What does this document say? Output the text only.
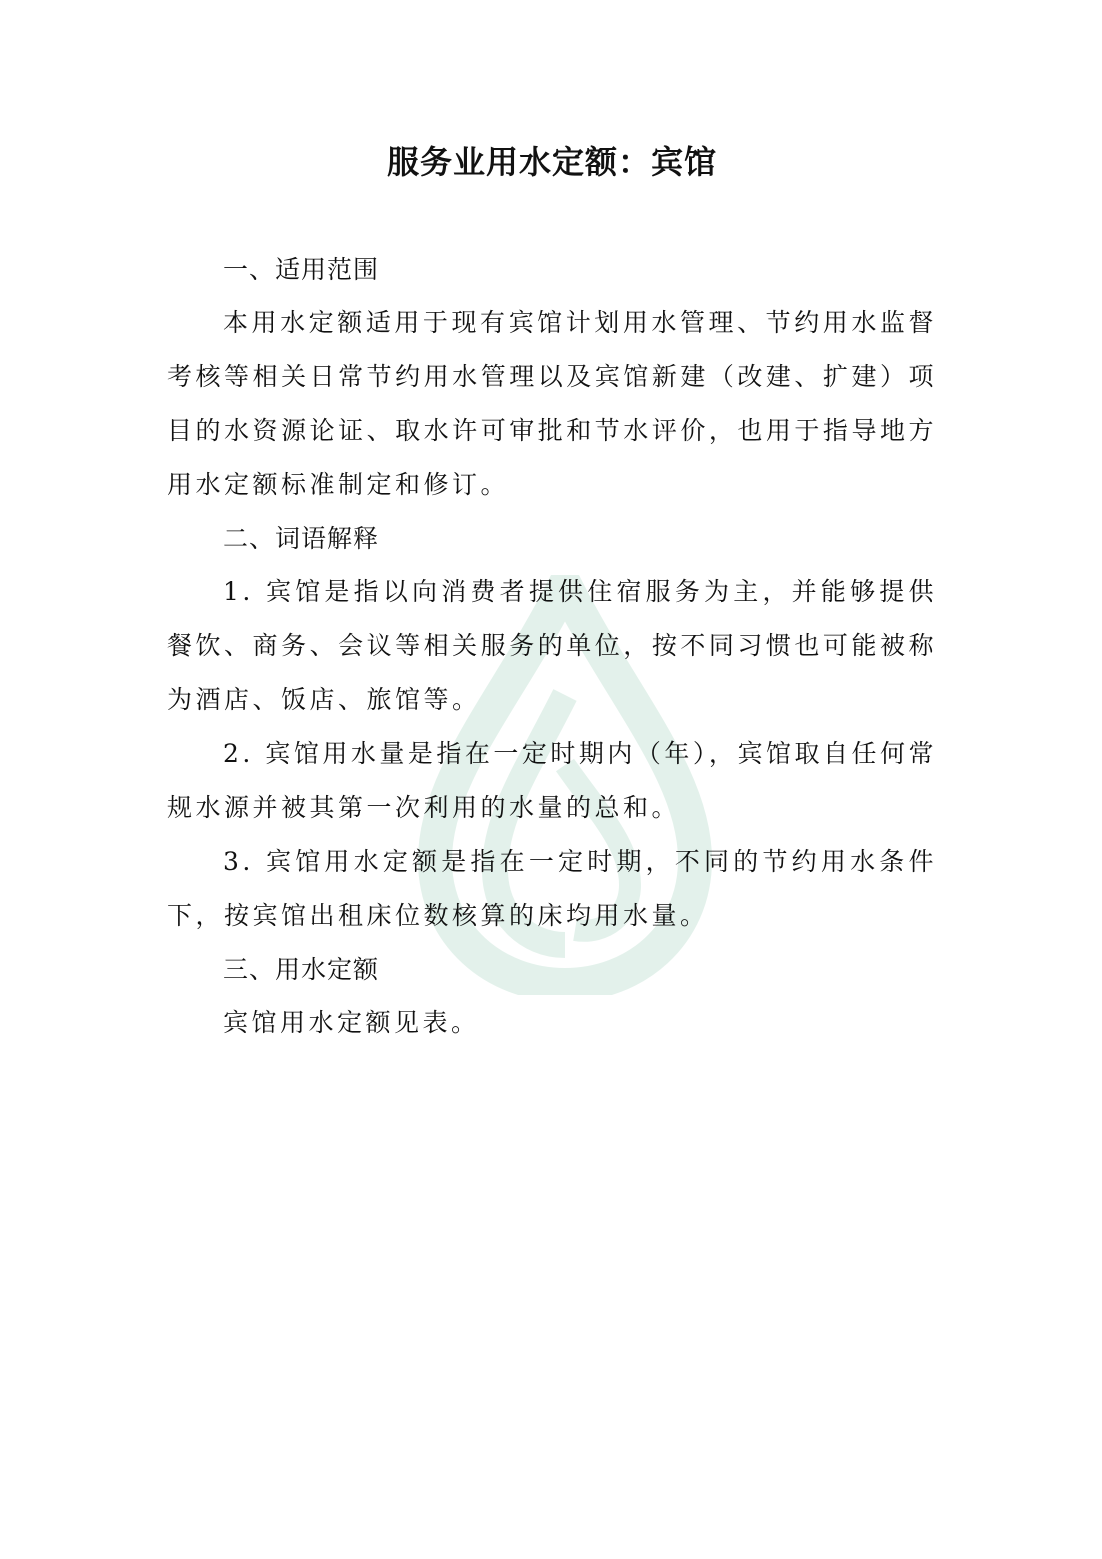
服务业用水定额：宾馆
一、适用范围
本用水定额适用于现有宾馆计划用水管理、节约用水监督考核等相关日常节约用水管理以及宾馆新建（改建、扩建）项目的水资源论证、取水许可审批和节水评价，也用于指导地方用水定额标准制定和修订。
二、词语解释
1. 宾馆是指以向消费者提供住宿服务为主，并能够提供餐饮、商务、会议等相关服务的单位，按不同习惯也可能被称为酒店、饭店、旅馆等。
2. 宾馆用水量是指在一定时期内（年），宾馆取自任何常规水源并被其第一次利用的水量的总和。
3. 宾馆用水定额是指在一定时期，不同的节约用水条件下，按宾馆出租床位数核算的床均用水量。
三、用水定额
宾馆用水定额见表。
